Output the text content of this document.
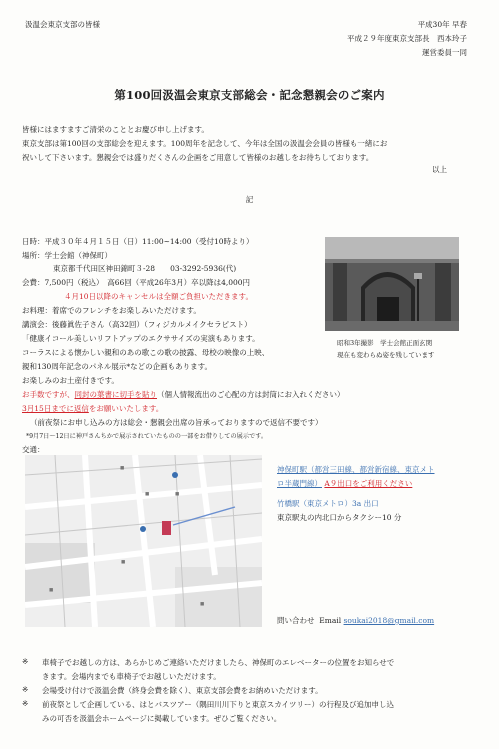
汲温会東京支部の皆様	平成30年 早春
平成２９年度東京支部長　西本玲子
運営委員一同
第100回汲温会東京支部総会・記念懇親会のご案内
皆様にはますますご清栄のこととお慶び申し上げます。
東京支部は第100回の支部総会を迎えます。100周年を記念して、今年は全国の汲温会会員の皆様も一緒にお
祝いして下さいます。懇親会では盛りだくさんの企画をご用意して皆様のお越しをお待ちしております。
以上
記
日時：平成３０年４月１５日（日）11:00~14:00（受付10時より）
場所：学士会館（神保町）
東京都千代田区神田錦町３-28　　03-3292-5936(代)
会費：7,500円（税込）　高66回（平成26年3月）卒以降は4,000円
４月10日以降のキャンセルは全額ご負担いただきます。
お料理：着席でのフレンチをお楽しみいただけます。
講演会：後藤眞佐子さん（高32回）（フィジカルメイクセラピスト）
「健康イコール美しいリフトアップのエクササイズの実演もあります。
コーラスによる懐かしい親和のあの歌この歌の披露、母校の映像の上映、
親和130周年記念のパネル展示*などの企画もあります。
お楽しみのお土産付きです。
お手数ですが、同封の葉書に切手を貼り（個人情報流出のご心配の方は封筒にお入れください）
3月15日までに返信をお願いいたします。
（前夜祭にお申し込みの方は総会・懇親会出席の旨承っておりますので返信不要です）
*9月7日～12日に神戸さんちかで展示されていたものの一部をお借りしての展示です。
交通：
昭和3年撮影　学士会館正面玄関
現在も変わらぬ姿を残しています
■
■
■
■
■
■
神保町駅（都営三田線、都営新宿線、東京メト
ロ半蔵門線） A９出口をご利用ください
竹橋駅（東京メトロ）3a 出口
東京駅丸の内北口からタクシー10 分
問い合わせ Email soukai2018@gmail.com
※ 車椅子でお越しの方は、あらかじめご連絡いただけましたら、神保町のエレベーターの位置をお知らせで
きます。会場内までも車椅子でお越しいただけます。
※ 会場受け付けで汲温会費（終身会費を除く）、東京支部会費をお納めいただけます。
※ 前夜祭として企画している、はとバスツアー（隅田川川下りと東京スカイツリー）の行程及び追加申し込
みの可否を汲温会ホームページに掲載しています。ぜひご覧ください。
